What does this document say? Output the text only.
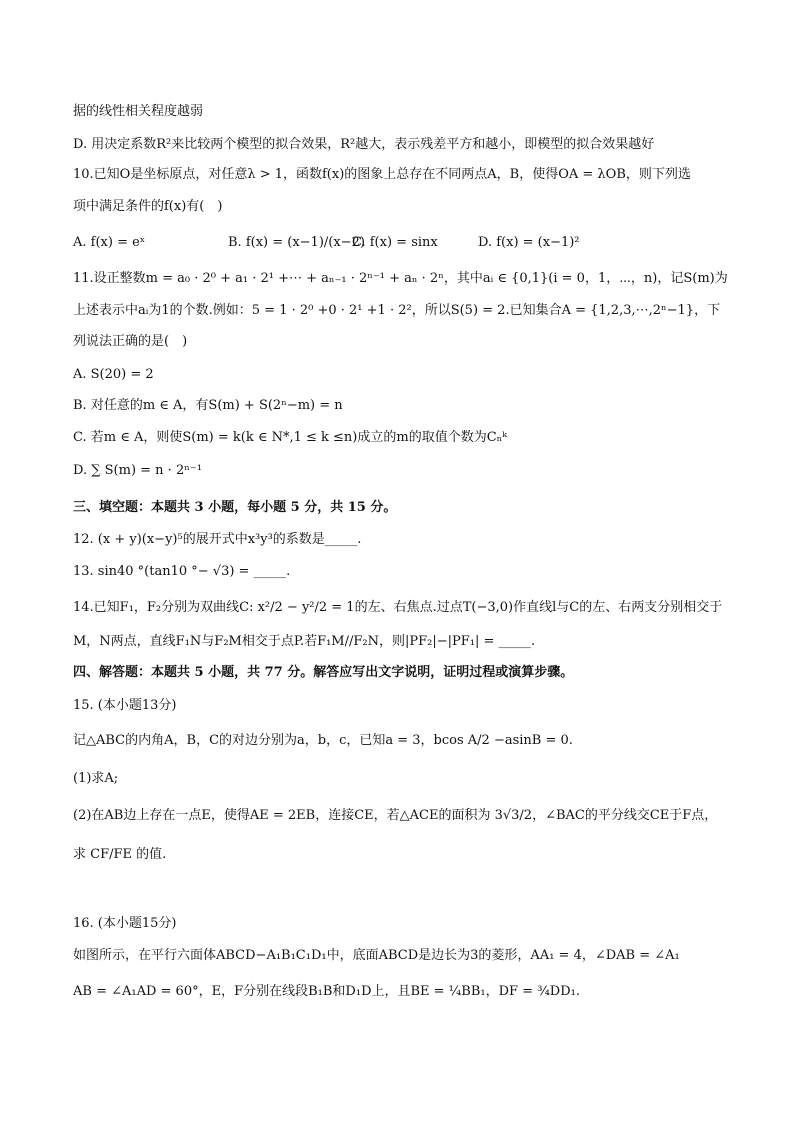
据的线性相关程度越弱
D. 用决定系数R²来比较两个模型的拟合效果，R²越大，表示残差平方和越小，即模型的拟合效果越好
10.已知O是坐标原点，对任意λ > 1，函数f(x)的图象上总存在不同两点A，B，使得OA = λOB，则下列选
项中满足条件的f(x)有(　)
A. f(x) = eˣ	B. f(x) = (x−1)/(x−2)
C. f(x) = sinx	D. f(x) = (x−1)²
11.设正整数m = a₀ · 2⁰ + a₁ · 2¹ +⋯ + aₙ₋₁ · 2ⁿ⁻¹ + aₙ · 2ⁿ，其中aᵢ ∈ {0,1}(i = 0，1，⋯，n)，记S(m)为
上述表示中aᵢ为1的个数.例如：5 = 1 · 2⁰ +0 · 2¹ +1 · 2²，所以S(5) = 2.已知集合A = {1,2,3,⋯,2ⁿ−1}，下
列说法正确的是(　)
A. S(20) = 2
B. 对任意的m ∈ A，有S(m) + S(2ⁿ−m) = n
C. 若m ∈ A，则使S(m) = k(k ∈ N*,1 ≤ k ≤n)成立的m的取值个数为Cₙᵏ
D. ∑ S(m) = n · 2ⁿ⁻¹
三、填空题：本题共 3 小题，每小题 5 分，共 15 分。
12. (x + y)(x−y)⁵的展开式中x³y³的系数是_____.
13. sin40 °(tan10 °− √3) = _____.
14.已知F₁，F₂分别为双曲线C: x²/2 − y²/2 = 1的左、右焦点.过点T(−3,0)作直线l与C的左、右两支分别相交于
M，N两点，直线F₁N与F₂M相交于点P.若F₁M//F₂N，则|PF₂|−|PF₁| = _____.
四、解答题：本题共 5 小题，共 77 分。解答应写出文字说明，证明过程或演算步骤。
15. (本小题13分)
记△ABC的内角A，B，C的对边分别为a，b，c，已知a = 3，bcos A/2 −asinB = 0.
(1)求A;
(2)在AB边上存在一点E，使得AE = 2EB，连接CE，若△ACE的面积为 3√3/2，∠BAC的平分线交CE于F点，
求 CF/FE 的值.
16. (本小题15分)
如图所示，在平行六面体ABCD−A₁B₁C₁D₁中，底面ABCD是边长为3的菱形，AA₁ = 4，∠DAB = ∠A₁
AB = ∠A₁AD = 60°，E，F分别在线段B₁B和D₁D上，且BE = ¼BB₁，DF = ¾DD₁.
